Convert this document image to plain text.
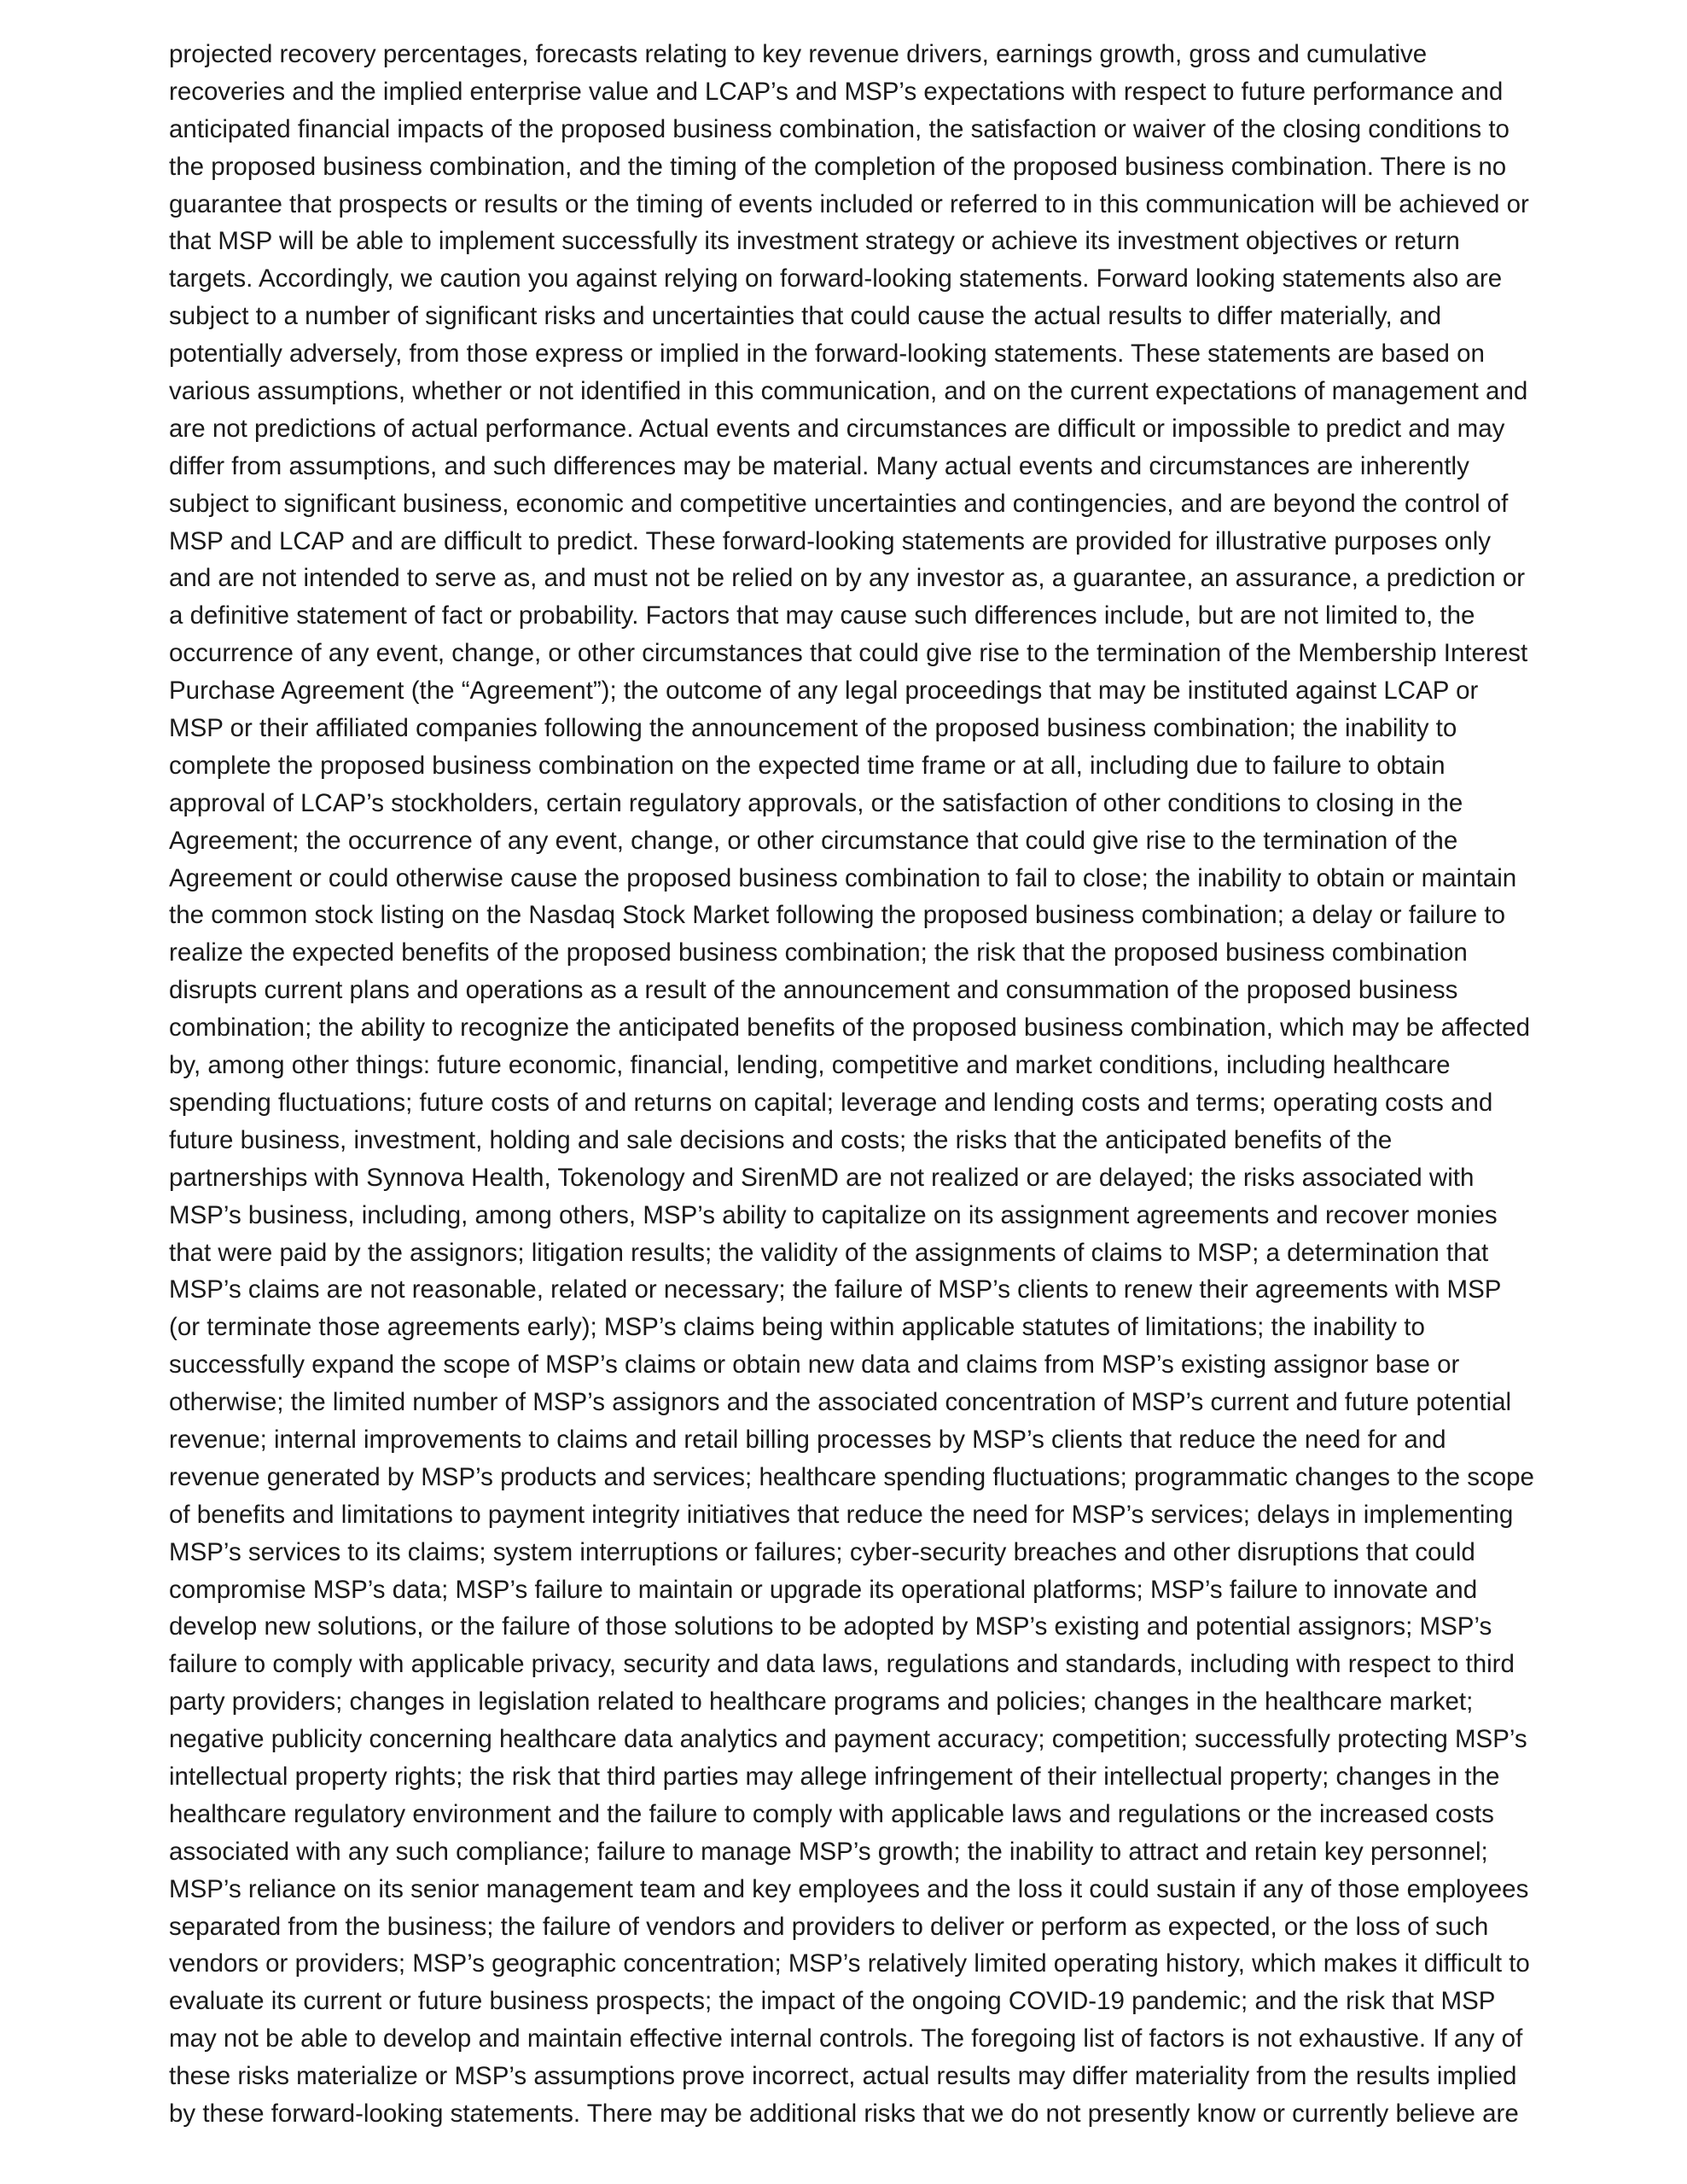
projected recovery percentages, forecasts relating to key revenue drivers, earnings growth, gross and cumulative
recoveries and the implied enterprise value and LCAP’s and MSP’s expectations with respect to future performance and
anticipated financial impacts of the proposed business combination, the satisfaction or waiver of the closing conditions to
the proposed business combination, and the timing of the completion of the proposed business combination. There is no
guarantee that prospects or results or the timing of events included or referred to in this communication will be achieved or
that MSP will be able to implement successfully its investment strategy or achieve its investment objectives or return
targets. Accordingly, we caution you against relying on forward-looking statements. Forward looking statements also are
subject to a number of significant risks and uncertainties that could cause the actual results to differ materially, and
potentially adversely, from those express or implied in the forward-looking statements. These statements are based on
various assumptions, whether or not identified in this communication, and on the current expectations of management and
are not predictions of actual performance. Actual events and circumstances are difficult or impossible to predict and may
differ from assumptions, and such differences may be material. Many actual events and circumstances are inherently
subject to significant business, economic and competitive uncertainties and contingencies, and are beyond the control of
MSP and LCAP and are difficult to predict. These forward-looking statements are provided for illustrative purposes only
and are not intended to serve as, and must not be relied on by any investor as, a guarantee, an assurance, a prediction or
a definitive statement of fact or probability. Factors that may cause such differences include, but are not limited to, the
occurrence of any event, change, or other circumstances that could give rise to the termination of the Membership Interest
Purchase Agreement (the “Agreement”); the outcome of any legal proceedings that may be instituted against LCAP or
MSP or their affiliated companies following the announcement of the proposed business combination; the inability to
complete the proposed business combination on the expected time frame or at all, including due to failure to obtain
approval of LCAP’s stockholders, certain regulatory approvals, or the satisfaction of other conditions to closing in the
Agreement; the occurrence of any event, change, or other circumstance that could give rise to the termination of the
Agreement or could otherwise cause the proposed business combination to fail to close; the inability to obtain or maintain
the common stock listing on the Nasdaq Stock Market following the proposed business combination; a delay or failure to
realize the expected benefits of the proposed business combination; the risk that the proposed business combination
disrupts current plans and operations as a result of the announcement and consummation of the proposed business
combination; the ability to recognize the anticipated benefits of the proposed business combination, which may be affected
by, among other things: future economic, financial, lending, competitive and market conditions, including healthcare
spending fluctuations; future costs of and returns on capital; leverage and lending costs and terms; operating costs and
future business, investment, holding and sale decisions and costs; the risks that the anticipated benefits of the
partnerships with Synnova Health, Tokenology and SirenMD are not realized or are delayed; the risks associated with
MSP’s business, including, among others, MSP’s ability to capitalize on its assignment agreements and recover monies
that were paid by the assignors; litigation results; the validity of the assignments of claims to MSP; a determination that
MSP’s claims are not reasonable, related or necessary; the failure of MSP’s clients to renew their agreements with MSP
(or terminate those agreements early); MSP’s claims being within applicable statutes of limitations; the inability to
successfully expand the scope of MSP’s claims or obtain new data and claims from MSP’s existing assignor base or
otherwise; the limited number of MSP’s assignors and the associated concentration of MSP’s current and future potential
revenue; internal improvements to claims and retail billing processes by MSP’s clients that reduce the need for and
revenue generated by MSP’s products and services; healthcare spending fluctuations; programmatic changes to the scope
of benefits and limitations to payment integrity initiatives that reduce the need for MSP’s services; delays in implementing
MSP’s services to its claims; system interruptions or failures; cyber-security breaches and other disruptions that could
compromise MSP’s data; MSP’s failure to maintain or upgrade its operational platforms; MSP’s failure to innovate and
develop new solutions, or the failure of those solutions to be adopted by MSP’s existing and potential assignors; MSP’s
failure to comply with applicable privacy, security and data laws, regulations and standards, including with respect to third
party providers; changes in legislation related to healthcare programs and policies; changes in the healthcare market;
negative publicity concerning healthcare data analytics and payment accuracy; competition; successfully protecting MSP’s
intellectual property rights; the risk that third parties may allege infringement of their intellectual property; changes in the
healthcare regulatory environment and the failure to comply with applicable laws and regulations or the increased costs
associated with any such compliance; failure to manage MSP’s growth; the inability to attract and retain key personnel;
MSP’s reliance on its senior management team and key employees and the loss it could sustain if any of those employees
separated from the business; the failure of vendors and providers to deliver or perform as expected, or the loss of such
vendors or providers; MSP’s geographic concentration; MSP’s relatively limited operating history, which makes it difficult to
evaluate its current or future business prospects; the impact of the ongoing COVID-19 pandemic; and the risk that MSP
may not be able to develop and maintain effective internal controls. The foregoing list of factors is not exhaustive. If any of
these risks materialize or MSP’s assumptions prove incorrect, actual results may differ materiality from the results implied
by these forward-looking statements. There may be additional risks that we do not presently know or currently believe are
